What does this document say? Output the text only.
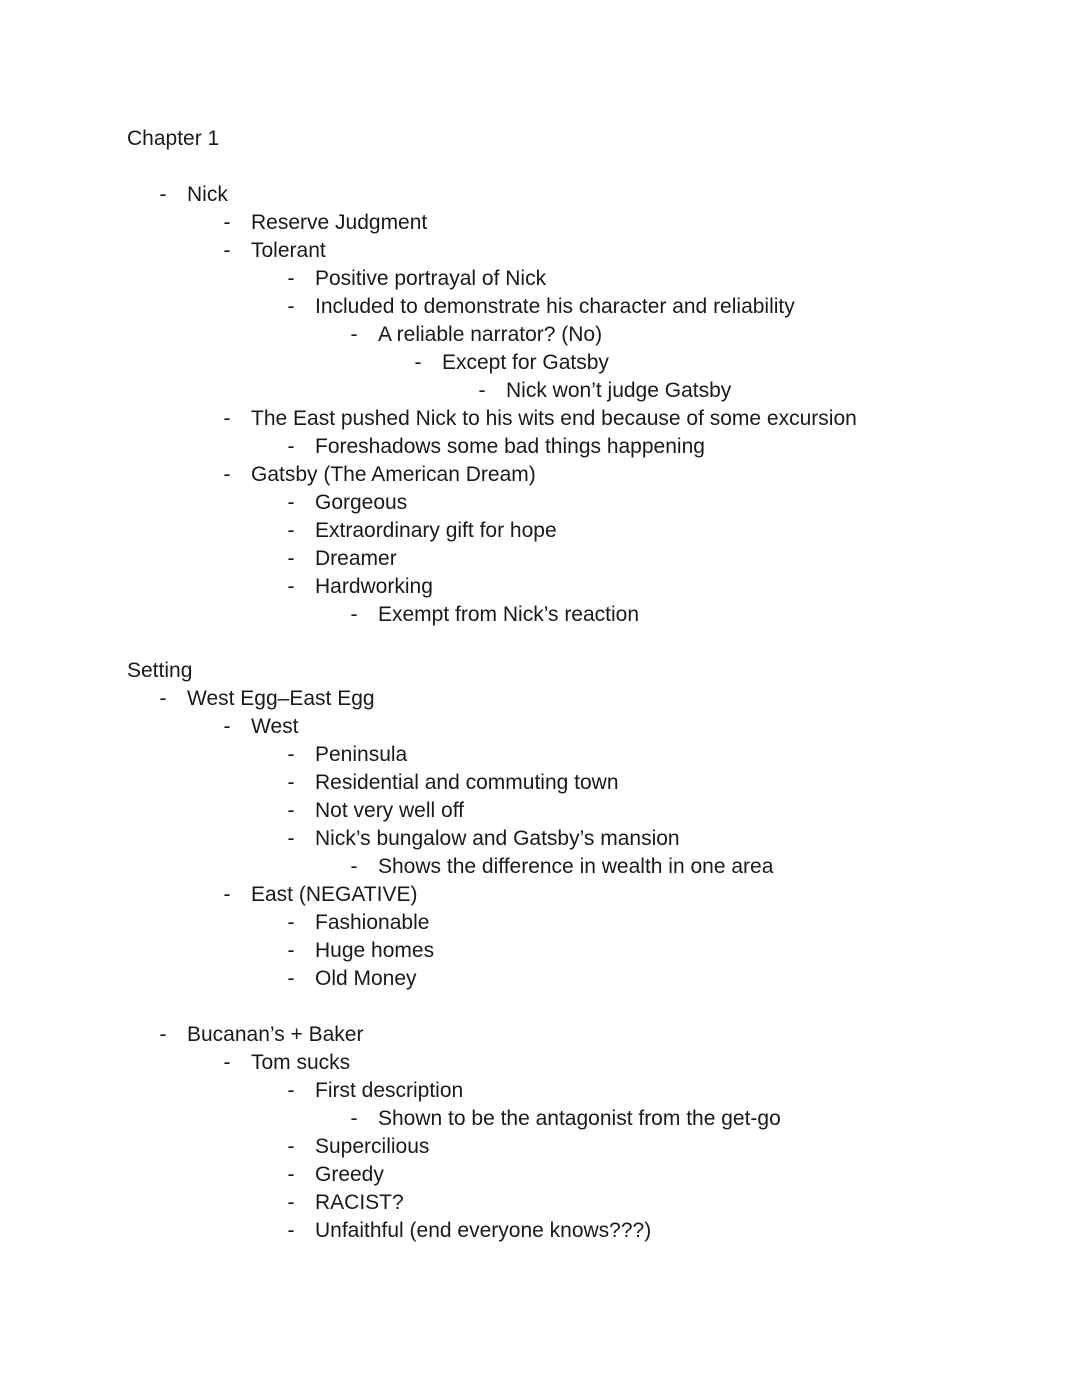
Chapter 1
- Nick
- Reserve Judgment
- Tolerant
- Positive portrayal of Nick
- Included to demonstrate his character and reliability
- A reliable narrator? (No)
- Except for Gatsby
- Nick won’t judge Gatsby
- The East pushed Nick to his wits end because of some excursion
- Foreshadows some bad things happening
- Gatsby (The American Dream)
- Gorgeous
- Extraordinary gift for hope
- Dreamer
- Hardworking
- Exempt from Nick’s reaction
Setting
- West Egg–East Egg
- West
- Peninsula
- Residential and commuting town
- Not very well off
- Nick’s bungalow and Gatsby’s mansion
- Shows the difference in wealth in one area
- East (NEGATIVE)
- Fashionable
- Huge homes
- Old Money
- Bucanan’s + Baker
- Tom sucks
- First description
- Shown to be the antagonist from the get-go
- Supercilious
- Greedy
- RACIST?
- Unfaithful (end everyone knows???)
